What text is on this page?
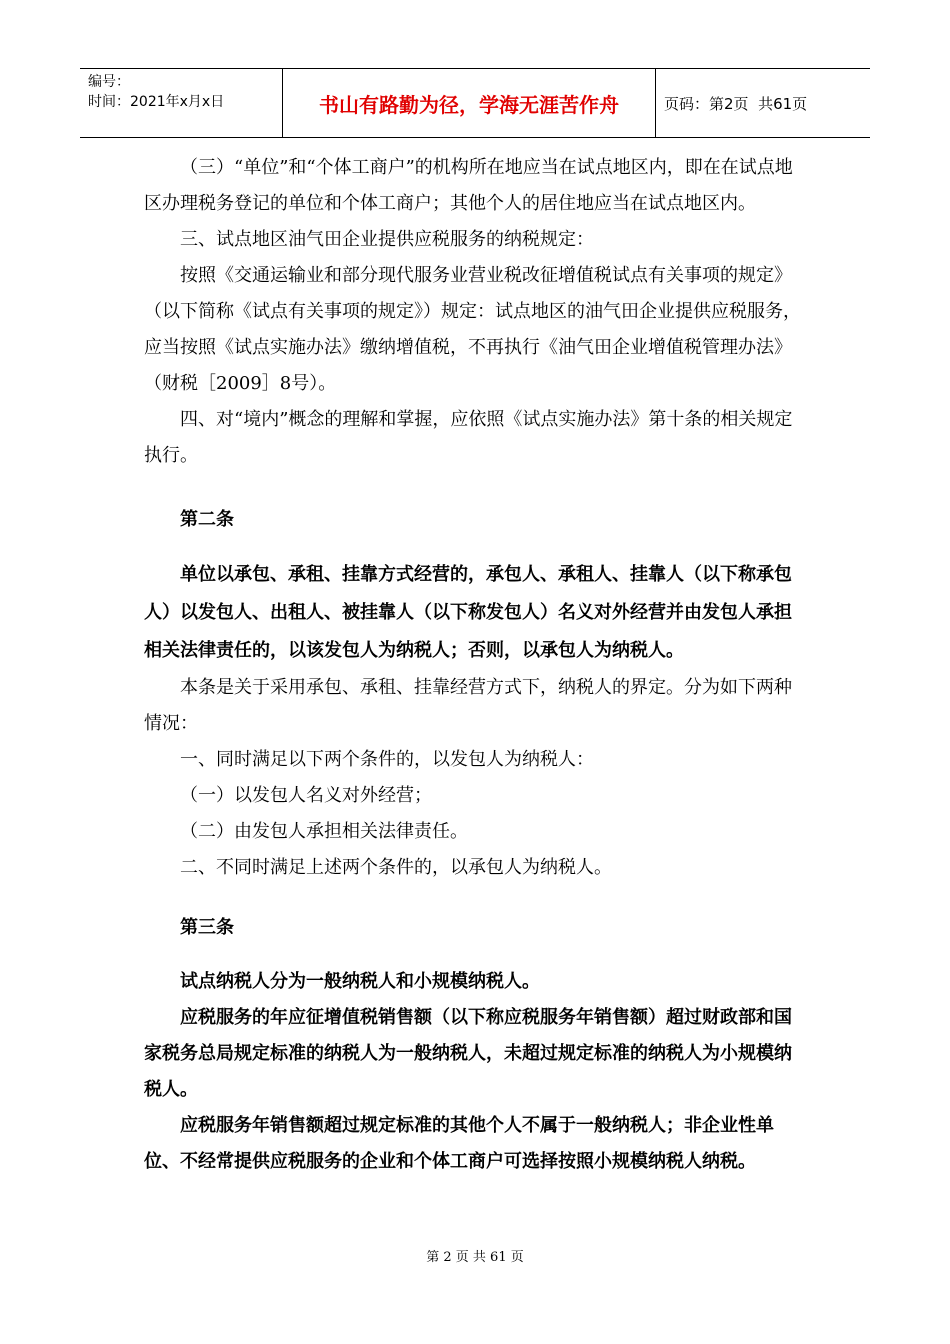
编号：
时间：2021年x月x日	书山有路勤为径，学海无涯苦作舟	页码：第2页
共61页

（三）“单位”和“个体工商户”的机构所在地应当在试点地区内，即在在试点地区办理税务登记的单位和个体工商户；其他个人的居住地应当在试点地区内。

三、试点地区油气田企业提供应税服务的纳税规定：

按照《交通运输业和部分现代服务业营业税改征增值税试点有关事项的规定》（以下简称《试点有关事项的规定》）规定：试点地区的油气田企业提供应税服务，应当按照《试点实施办法》缴纳增值税，不再执行《油气田企业增值税管理办法》（财税［2009］8号）。

四、对“境内”概念的理解和掌握，应依照《试点实施办法》第十条的相关规定执行。

第二条

单位以承包、承租、挂靠方式经营的，承包人、承租人、挂靠人（以下称承包人）以发包人、出租人、被挂靠人（以下称发包人）名义对外经营并由发包人承担相关法律责任的，以该发包人为纳税人；否则，以承包人为纳税人。

本条是关于采用承包、承租、挂靠经营方式下，纳税人的界定。分为如下两种情况：

一、同时满足以下两个条件的，以发包人为纳税人：

（一）以发包人名义对外经营；

（二）由发包人承担相关法律责任。

二、不同时满足上述两个条件的，以承包人为纳税人。

第三条

试点纳税人分为一般纳税人和小规模纳税人。

应税服务的年应征增值税销售额（以下称应税服务年销售额）超过财政部和国家税务总局规定标准的纳税人为一般纳税人，未超过规定标准的纳税人为小规模纳税人。

应税服务年销售额超过规定标准的其他个人不属于一般纳税人；非企业性单位、不经常提供应税服务的企业和个体工商户可选择按照小规模纳税人纳税。

第 2 页 共 61 页
